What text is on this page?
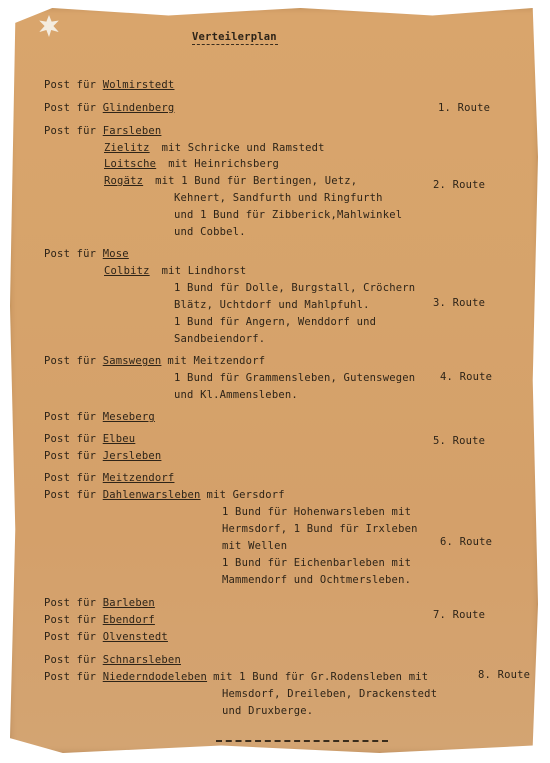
Verteilerplan
Post für Wolmirstedt
Post für Glindenberg
Post für Farsleben
Zielitz mit Schricke und Ramstedt
Loitsche mit Heinrichsberg
Rogätz mit 1 Bund für Bertingen, Uetz,
Kehnert, Sandfurth und Ringfurth
und 1 Bund für Zibberick,Mahlwinkel
und Cobbel.
Post für Mose
Colbitz mit Lindhorst
1 Bund für Dolle, Burgstall, Cröchern
Blätz, Uchtdorf und Mahlpfuhl.
1 Bund für Angern, Wenddorf und
Sandbeiendorf.
Post für Samswegen mit Meitzendorf
1 Bund für Grammensleben, Gutenswegen
und Kl.Ammensleben.
Post für Meseberg
Post für Elbeu
Post für Jersleben
Post für Meitzendorf
Post für Dahlenwarsleben mit Gersdorf
1 Bund für Hohenwarsleben mit
Hermsdorf, 1 Bund für Irxleben
mit Wellen
1 Bund für Eichenbarleben mit
Mammendorf und Ochtmersleben.
Post für Barleben
Post für Ebendorf
Post für Olvenstedt
Post für Schnarsleben
Post für Niederndodeleben mit 1 Bund für Gr.Rodensleben mit
Hemsdorf, Dreileben, Drackenstedt
und Druxberge.
1. Route
2. Route
3. Route
4. Route
5. Route
6. Route
7. Route
8. Route
